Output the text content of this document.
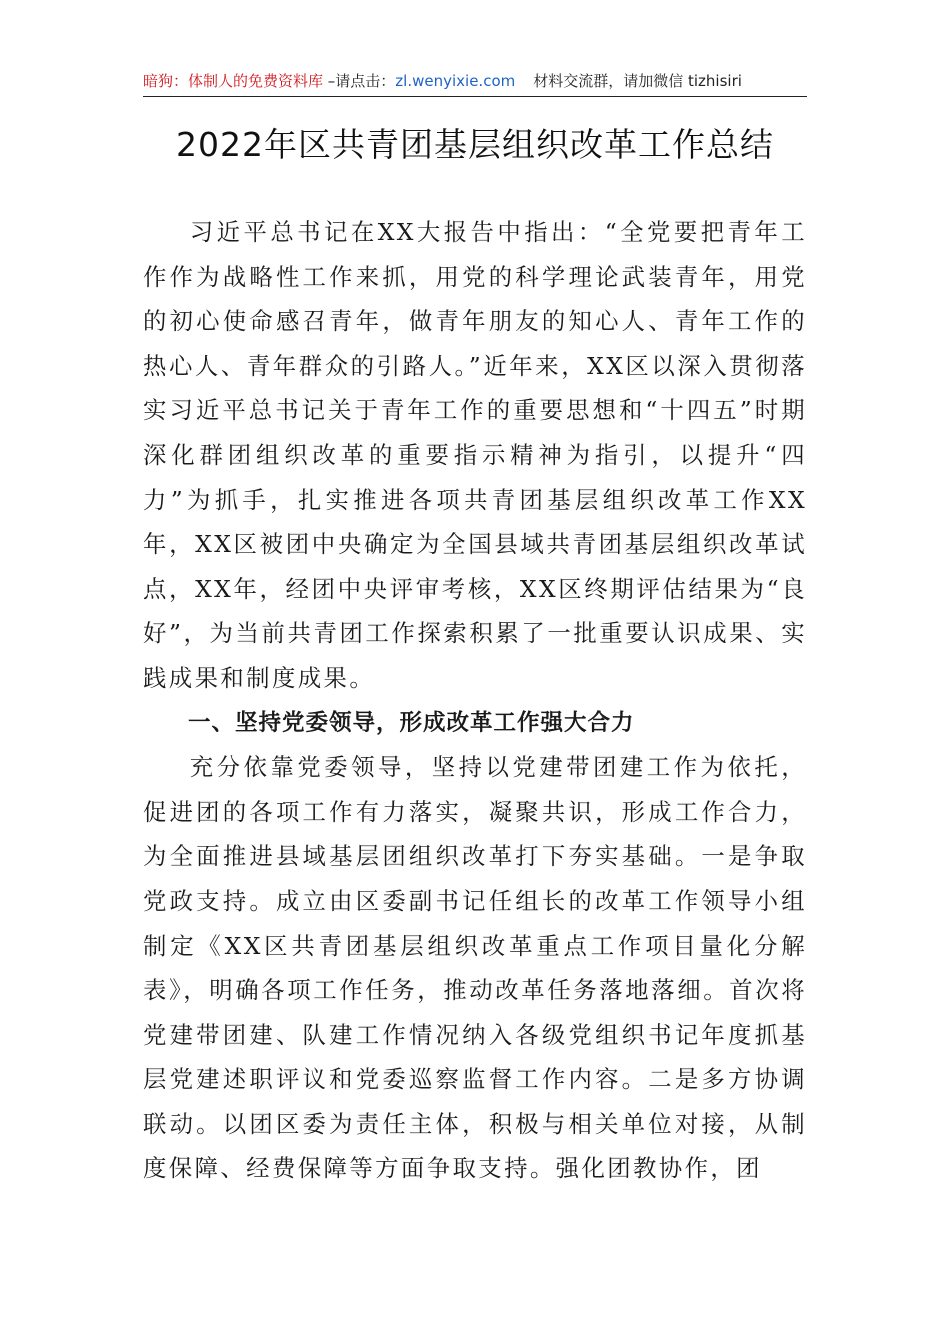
暗狗：体制人的免费资料库 –请点击：zl.wenyixie.com 材料交流群，请加微信 tizhisiri
2022年区共青团基层组织改革工作总结

习近平总书记在XX大报告中指出：“全党要把青年工作作为战略性工作来抓，用党的科学理论武装青年，用党的初心使命感召青年，做青年朋友的知心人、青年工作的热心人、青年群众的引路人。”近年来，XX区以深入贯彻落实习近平总书记关于青年工作的重要思想和“十四五”时期深化群团组织改革的重要指示精神为指引，以提升“四力”为抓手，扎实推进各项共青团基层组织改革工作XX年，XX区被团中央确定为全国县域共青团基层组织改革试点，XX年，经团中央评审考核，XX区终期评估结果为“良好”，为当前共青团工作探索积累了一批重要认识成果、实践成果和制度成果。

一、坚持党委领导，形成改革工作强大合力

充分依靠党委领导，坚持以党建带团建工作为依托，促进团的各项工作有力落实，凝聚共识，形成工作合力，为全面推进县域基层团组织改革打下夯实基础。一是争取党政支持。成立由区委副书记任组长的改革工作领导小组制定《XX区共青团基层组织改革重点工作项目量化分解表》，明确各项工作任务，推动改革任务落地落细。首次将党建带团建、队建工作情况纳入各级党组织书记年度抓基层党建述职评议和党委巡察监督工作内容。二是多方协调联动。以团区委为责任主体，积极与相关单位对接，从制度保障、经费保障等方面争取支持。强化团教协作，团
